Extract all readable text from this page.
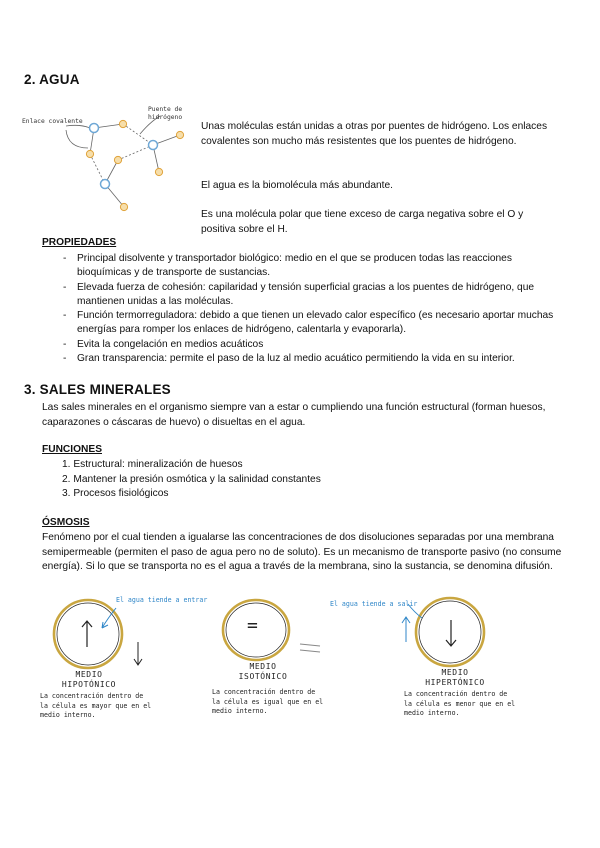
2. AGUA
Enlace covalente
Puente de
hidrógeno
Unas moléculas están unidas a otras por puentes de hidrógeno. Los enlaces covalentes son mucho más resistentes que los puentes de hidrógeno.
El agua es la biomolécula más abundante.
Es una molécula polar que tiene exceso de carga negativa sobre el O y positiva sobre el H.
PROPIEDADES
- Principal disolvente y transportador biológico: medio en el que se producen todas las reacciones bioquímicas y de transporte de sustancias.
- Elevada fuerza de cohesión: capilaridad y tensión superficial gracias a los puentes de hidrógeno, que mantienen unidas a las moléculas.
- Función termorreguladora: debido a que tienen un elevado calor específico (es necesario aportar muchas energías para romper los enlaces de hidrógeno, calentarla y evaporarla).
- Evita la congelación en medios acuáticos
- Gran transparencia: permite el paso de la luz al medio acuático permitiendo la vida en su interior.
3. SALES MINERALES
Las sales minerales en el organismo siempre van a estar o cumpliendo una función estructural (forman huesos, caparazones o cáscaras de huevo) o disueltas en el agua.
FUNCIONES
1. Estructural: mineralización de huesos
2. Mantener la presión osmótica y la salinidad constantes
3. Procesos fisiológicos
ÓSMOSIS
Fenómeno por el cual tienden a igualarse las concentraciones de dos disoluciones separadas por una membrana semipermeable (permiten el paso de agua pero no de soluto). Es un mecanismo de transporte pasivo (no consume energía). Si lo que se transporta no es el agua a través de la membrana, sino la sustancia, se denomina difusión.
El agua tiende a entrar	El agua tiende a salir
=
MEDIO
HIPOTÓNICO
MEDIO
ISOTÓNICO	MEDIO
HIPERTÓNICO
La concentración dentro de la célula es mayor que en el medio interno.
La concentración dentro de la célula es igual que en el medio interno.
La concentración dentro de la célula es menor que en el medio interno.
